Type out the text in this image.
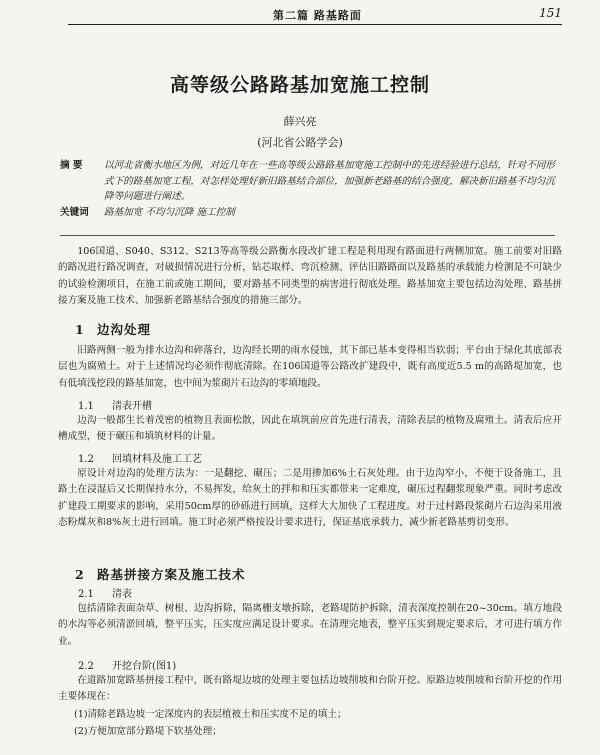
第二篇 路基路面	151
高等级公路路基加宽施工控制
薛兴亮
(河北省公路学会)
摘 要	以河北省衡水地区为例，对近几年在一些高等级公路路基加宽施工控制中的先进经验进行总结，针对不同形式下的路基加宽工程，对怎样处理好新旧路基结合部位，加强新老路基的结合强度，解决新旧路基不均匀沉降等问题进行阐述。
关键词	路基加宽 不均匀沉降 施工控制
106国道、S040、S312、S213等高等级公路衡水段改扩建工程是利用现有路面进行两侧加宽。施工前要对旧路的路况进行路况调查，对破损情况进行分析，钻芯取样、弯沉检测、评估旧路路面以及路基的承载能力检测是不可缺少的试验检测项目，在施工前或施工期间，要对路基不同类型的病害进行彻底处理。路基加宽主要包括边沟处理、路基拼接方案及施工技术、加强新老路基结合强度的措施三部分。
1 边沟处理
旧路两侧一般为排水边沟和碎落台，边沟经长期的雨水侵蚀，其下部已基本变得相当软弱；平台由于绿化其底部表层也为腐殖土。对于上述情况均必须作彻底清除。在106国道等公路改扩建段中，既有高度近5.5 m的高路堤加宽，也有低填浅挖段的路基加宽，也中间为浆砌片石边沟的零填地段。
1.1 清表开槽
边沟一般都生长着茂密的植物且表面松散，因此在填筑前应首先进行清表，清除表层的植物及腐殖土。清表后应开槽成型，便于碾压和填筑材料的计量。
1.2 回填材料及施工工艺
原设计对边沟的处理方法为：一是翻挖、碾压；二是用掺加6%土石灰处理。由于边沟窄小，不便于设备施工，且路土在浸湿后又长期保持水分，不易挥发，给灰土的拌和和压实都带来一定难度，碾压过程翻浆现象严重。同时考虑改扩建段工期要求的影响，采用50cm厚的砂砾进行回填，这样大大加快了工程进度。对于过村路段浆砌片石边沟采用液态粉煤灰和8%灰土进行回填。施工时必须严格按设计要求进行，保证基底承载力，减少新老路基剪切变形。
2 路基拼接方案及施工技术
2.1 清表
包括清除表面杂草、树根、边沟拆除，隔离栅支墩拆除，老路堤防护拆除，清表深度控制在20~30cm。填方地段的水沟等必须清淤回填，整平压实，压实度应满足设计要求。在清理完地表，整平压实到规定要求后，才可进行填方作业。
2.2 开挖台阶(图1)
在道路加宽路基拼接工程中，既有路堤边坡的处理主要包括边坡削坡和台阶开挖。原路边坡削坡和台阶开挖的作用主要体现在：
(1)清除老路边坡一定深度内的表层植被土和压实度不足的填土；
(2)方便加宽部分路堤下软基处理；
